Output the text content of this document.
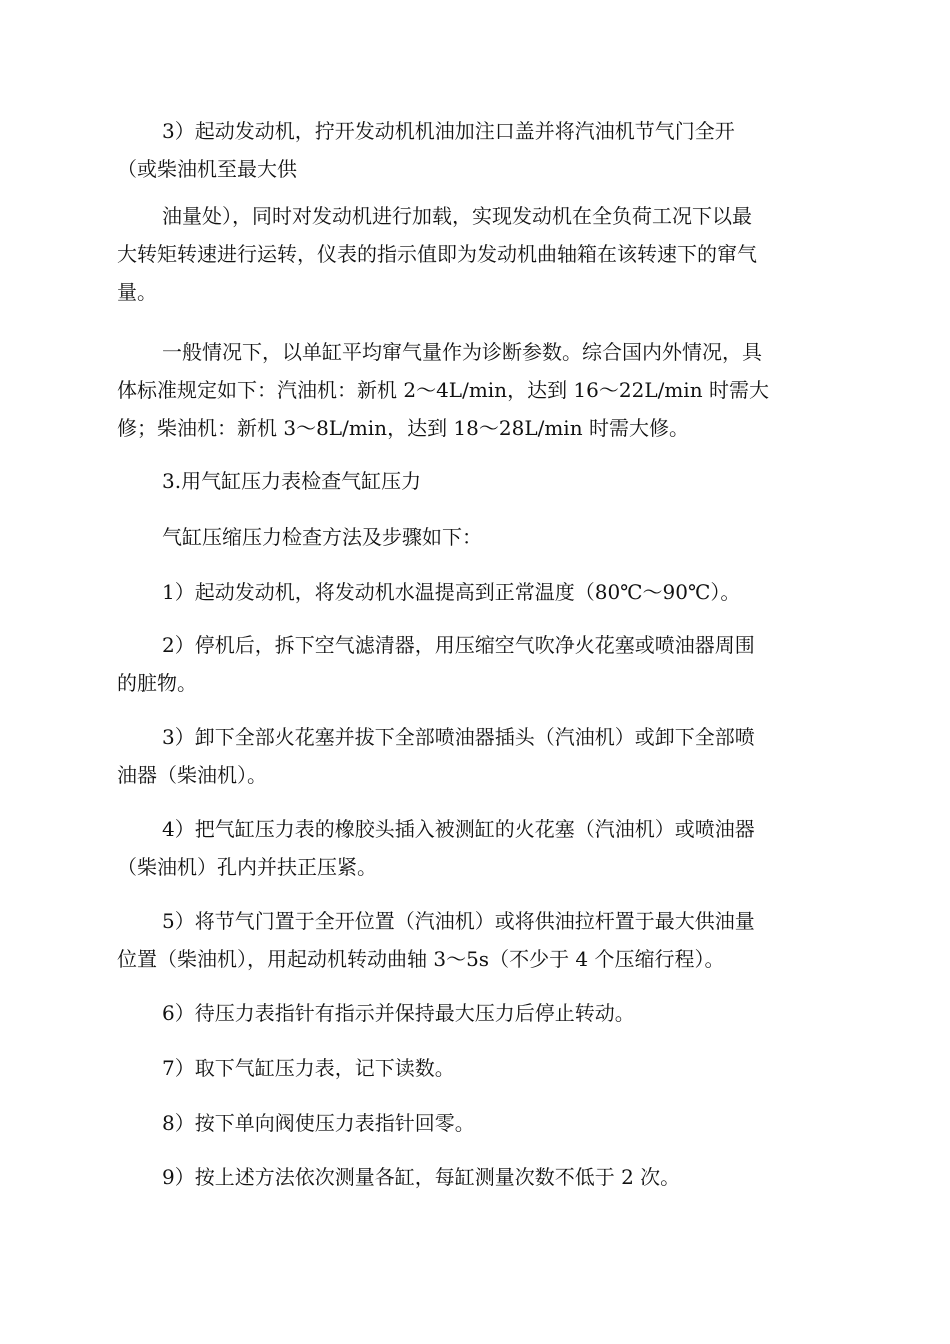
3）起动发动机，拧开发动机机油加注口盖并将汽油机节气门全开
（或柴油机至最大供

油量处），同时对发动机进行加载，实现发动机在全负荷工况下以最
大转矩转速进行运转，仪表的指示值即为发动机曲轴箱在该转速下的窜气
量。

一般情况下，以单缸平均窜气量作为诊断参数。综合国内外情况，具
体标准规定如下：汽油机：新机 2～4L/min，达到 16～22L/min 时需大
修；柴油机：新机 3～8L/min，达到 18～28L/min 时需大修。

3.用气缸压力表检查气缸压力

气缸压缩压力检查方法及步骤如下：

1）起动发动机，将发动机水温提高到正常温度（80℃～90℃）。

2）停机后，拆下空气滤清器，用压缩空气吹净火花塞或喷油器周围
的脏物。

3）卸下全部火花塞并拔下全部喷油器插头（汽油机）或卸下全部喷
油器（柴油机）。

4）把气缸压力表的橡胶头插入被测缸的火花塞（汽油机）或喷油器
（柴油机）孔内并扶正压紧。

5）将节气门置于全开位置（汽油机）或将供油拉杆置于最大供油量
位置（柴油机），用起动机转动曲轴 3～5s（不少于 4 个压缩行程）。

6）待压力表指针有指示并保持最大压力后停止转动。

7）取下气缸压力表，记下读数。

8）按下单向阀使压力表指针回零。

9）按上述方法依次测量各缸，每缸测量次数不低于 2 次。
